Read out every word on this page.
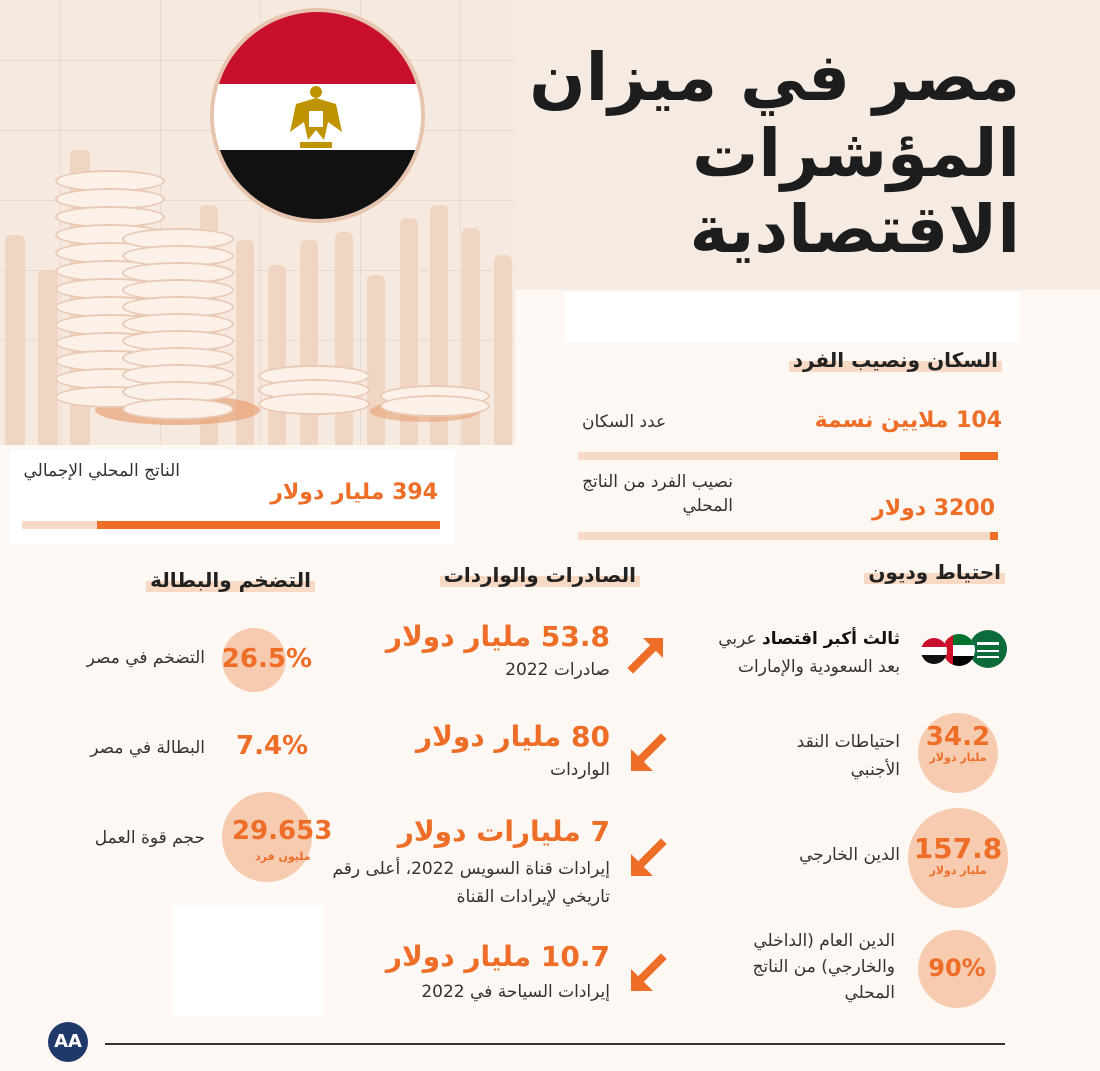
مصر في ميزان المؤشرات الاقتصادية
السكان ونصيب الفرد
104 ملايين نسمة
عدد السكان
نصيب الفرد من الناتج المحلي	3200 دولار
الناتج المحلي الإجمالي
394 مليار دولار
احتياط وديون
ثالث أكبر اقتصاد عربي
بعد السعودية والإمارات
34.2
مليار دولار
احتياطات النقد الأجنبي
157.8
مليار دولار
الدين الخارجي
90%
الدين العام (الداخلي والخارجي) من الناتج المحلي
الصادرات والواردات
53.8 مليار دولار
صادرات 2022
80 مليار دولار
الواردات
7 مليارات دولار
إيرادات قناة السويس 2022، أعلى رقم تاريخي لإيرادات القناة
10.7 مليار دولار
إيرادات السياحة في 2022
التضخم والبطالة
26.5%
التضخم في مصر
7.4%
البطالة في مصر
29.653
مليون فرد
حجم قوة العمل
AA
